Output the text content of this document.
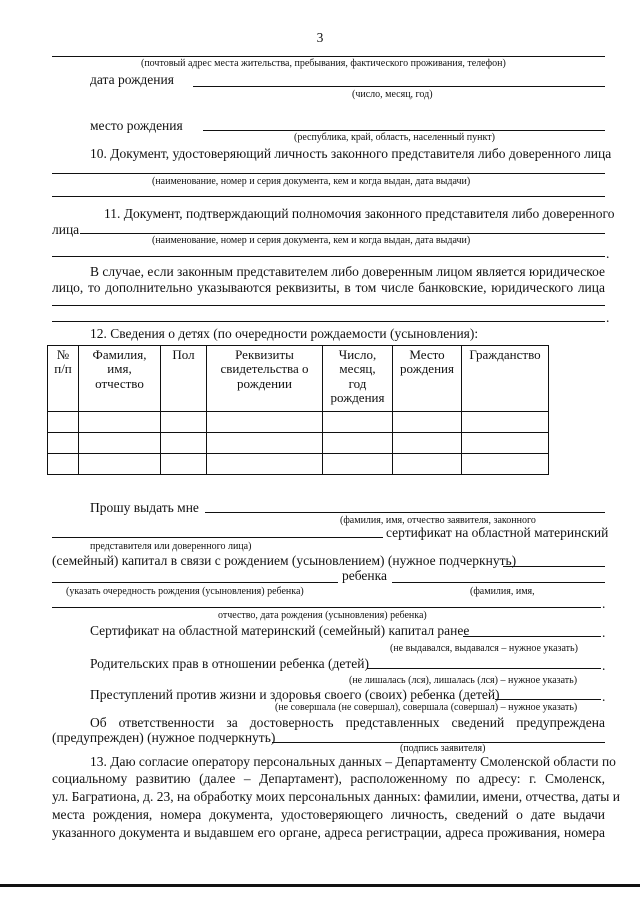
3
(почтовый адрес места жительства, пребывания, фактического проживания, телефон)
дата рождения
(число, месяц, год)
место рождения
(республика, край, область, населенный пункт)
10. Документ, удостоверяющий личность законного представителя либо доверенного лица
(наименование, номер и серия документа, кем и когда выдан, дата выдачи)
11. Документ, подтверждающий полномочия законного представителя либо доверенного
лица
(наименование, номер и серия документа, кем и когда выдан, дата выдачи)
.
В случае, если законным представителем либо доверенным лицом является юридическое
лицо, то дополнительно указываются реквизиты, в том числе банковские, юридического лица
.
12. Сведения о детях (по очередности рождаемости (усыновления):
№
п/п	Фамилия,
имя,
отчество	Пол	Реквизиты
свидетельства о
рождении	Число,
месяц,
год
рождения	Место
рождения	Гражданство

Прошу выдать мне
(фамилия, имя, отчество заявителя, законного
сертификат на областной материнский
представителя или доверенного лица)
(семейный) капитал в связи с рождением (усыновлением) (нужное подчеркнуть)
ребенка
(указать очередность рождения (усыновления) ребенка)	(фамилия, имя,
.
отчество, дата рождения (усыновления) ребенка)
Сертификат на областной материнский (семейный) капитал ранее	.
(не выдавался, выдавался – нужное указать)
Родительских прав в отношении ребенка (детей)	.
(не лишалась (лся), лишалась (лся) – нужное указать)
Преступлений против жизни и здоровья своего (своих) ребенка (детей)	.
(не совершала (не совершал), совершала (совершал) – нужное указать)
Об ответственности за достоверность представленных сведений предупреждена
(предупрежден) (нужное подчеркнуть)
(подпись заявителя)
13. Даю согласие оператору персональных данных – Департаменту Смоленской области по
социальному развитию (далее – Департамент), расположенному по адресу: г. Смоленск,
ул. Багратиона, д. 23, на обработку моих персональных данных: фамилии, имени, отчества, даты и
места рождения, номера документа, удостоверяющего личность, сведений о дате выдачи
указанного документа и выдавшем его органе, адреса регистрации, адреса проживания, номера
